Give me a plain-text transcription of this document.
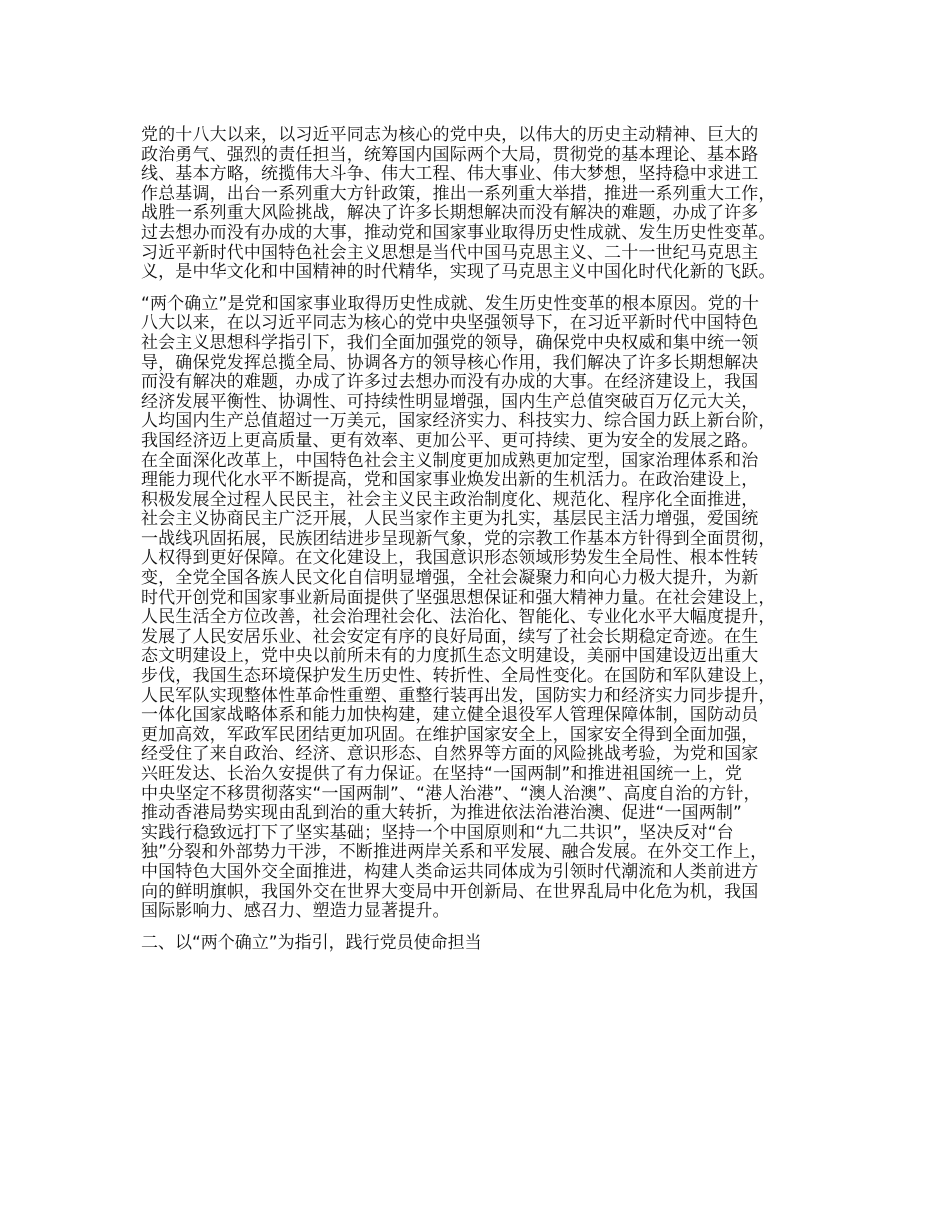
党的十八大以来，以习近平同志为核心的党中央，以伟大的历史主动精神、巨大的
政治勇气、强烈的责任担当，统筹国内国际两个大局，贯彻党的基本理论、基本路
线、基本方略，统揽伟大斗争、伟大工程、伟大事业、伟大梦想，坚持稳中求进工
作总基调，出台一系列重大方针政策，推出一系列重大举措，推进一系列重大工作，
战胜一系列重大风险挑战，解决了许多长期想解决而没有解决的难题，办成了许多
过去想办而没有办成的大事，推动党和国家事业取得历史性成就、发生历史性变革。
习近平新时代中国特色社会主义思想是当代中国马克思主义、二十一世纪马克思主
义，是中华文化和中国精神的时代精华，实现了马克思主义中国化时代化新的飞跃。
“两个确立”是党和国家事业取得历史性成就、发生历史性变革的根本原因。党的十
八大以来，在以习近平同志为核心的党中央坚强领导下，在习近平新时代中国特色
社会主义思想科学指引下，我们全面加强党的领导，确保党中央权威和集中统一领
导，确保党发挥总揽全局、协调各方的领导核心作用，我们解决了许多长期想解决
而没有解决的难题，办成了许多过去想办而没有办成的大事。在经济建设上，我国
经济发展平衡性、协调性、可持续性明显增强，国内生产总值突破百万亿元大关，
人均国内生产总值超过一万美元，国家经济实力、科技实力、综合国力跃上新台阶，
我国经济迈上更高质量、更有效率、更加公平、更可持续、更为安全的发展之路。
在全面深化改革上，中国特色社会主义制度更加成熟更加定型，国家治理体系和治
理能力现代化水平不断提高，党和国家事业焕发出新的生机活力。在政治建设上，
积极发展全过程人民民主，社会主义民主政治制度化、规范化、程序化全面推进，
社会主义协商民主广泛开展，人民当家作主更为扎实，基层民主活力增强，爱国统
一战线巩固拓展，民族团结进步呈现新气象，党的宗教工作基本方针得到全面贯彻，
人权得到更好保障。在文化建设上，我国意识形态领域形势发生全局性、根本性转
变，全党全国各族人民文化自信明显增强，全社会凝聚力和向心力极大提升，为新
时代开创党和国家事业新局面提供了坚强思想保证和强大精神力量。在社会建设上，
人民生活全方位改善，社会治理社会化、法治化、智能化、专业化水平大幅度提升，
发展了人民安居乐业、社会安定有序的良好局面，续写了社会长期稳定奇迹。在生
态文明建设上，党中央以前所未有的力度抓生态文明建设，美丽中国建设迈出重大
步伐，我国生态环境保护发生历史性、转折性、全局性变化。在国防和军队建设上，
人民军队实现整体性革命性重塑、重整行装再出发，国防实力和经济实力同步提升，
一体化国家战略体系和能力加快构建，建立健全退役军人管理保障体制，国防动员
更加高效，军政军民团结更加巩固。在维护国家安全上，国家安全得到全面加强，
经受住了来自政治、经济、意识形态、自然界等方面的风险挑战考验，为党和国家
兴旺发达、长治久安提供了有力保证。在坚持“一国两制”和推进祖国统一上，党
中央坚定不移贯彻落实“一国两制”、“港人治港”、“澳人治澳”、高度自治的方针，
推动香港局势实现由乱到治的重大转折，为推进依法治港治澳、促进“一国两制”
实践行稳致远打下了坚实基础；坚持一个中国原则和“九二共识”，坚决反对“台
独”分裂和外部势力干涉，不断推进两岸关系和平发展、融合发展。在外交工作上，
中国特色大国外交全面推进，构建人类命运共同体成为引领时代潮流和人类前进方
向的鲜明旗帜，我国外交在世界大变局中开创新局、在世界乱局中化危为机，我国
国际影响力、感召力、塑造力显著提升。
二、以“两个确立”为指引，践行党员使命担当
